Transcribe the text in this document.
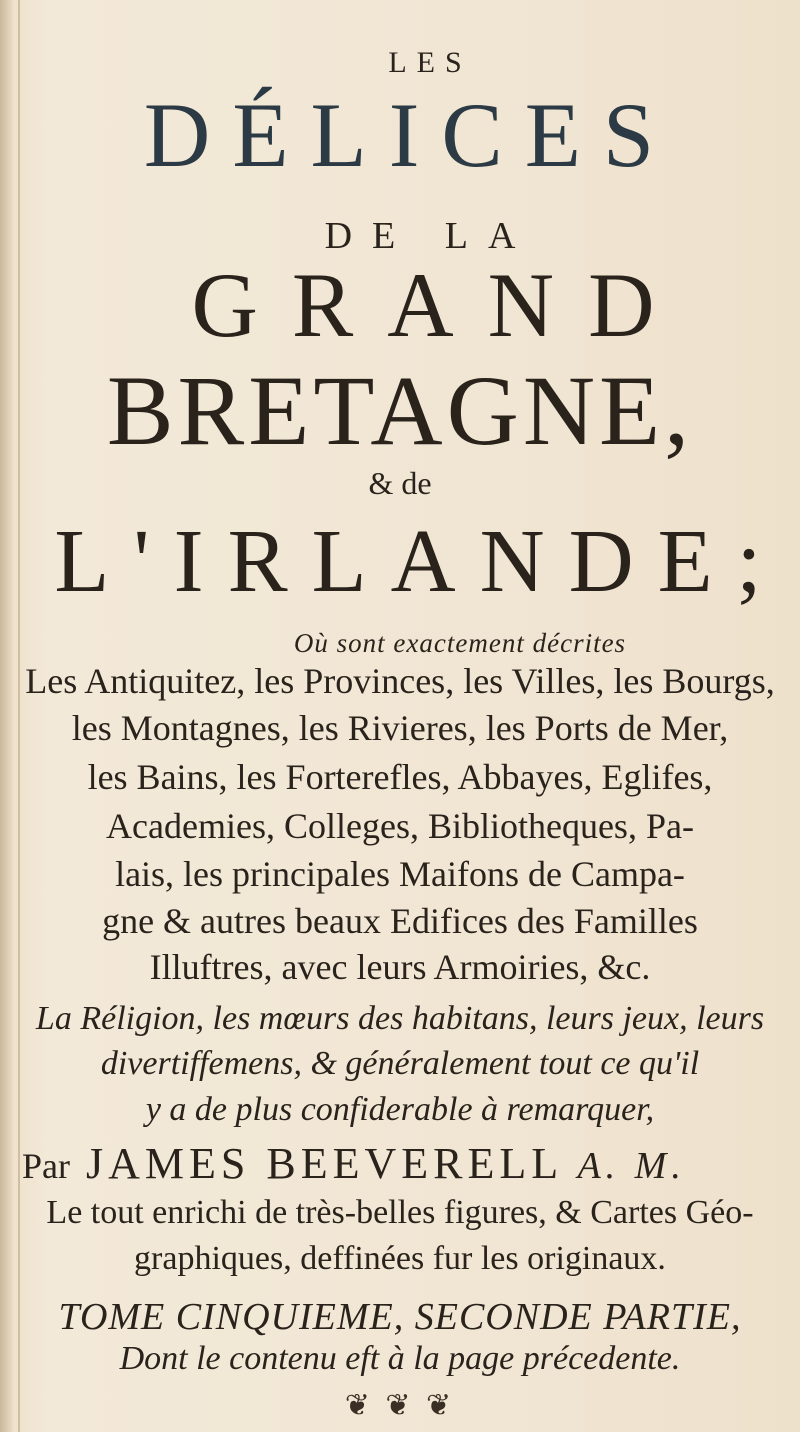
LES
DÉLICES
DE LA
GRAND
BRETAGNE,
& de
L'IRLANDE;
Où sont exactement décrites
Les Antiquitez, les Provinces, les Villes, les Bourgs,
les Montagnes, les Rivieres, les Ports de Mer,
les Bains, les Forterefles, Abbayes, Eglifes,
Academies, Colleges, Bibliotheques, Pa-
lais, les principales Maifons de Campa-
gne & autres beaux Edifices des Familles
Illuftres, avec leurs Armoiries, &c.
La Réligion, les mœurs des habitans, leurs jeux, leurs
divertiffemens, & généralement tout ce qu'il
y a de plus confiderable à remarquer,
Par JAMES BEEVERELL A. M.
Le tout enrichi de très-belles figures, & Cartes Géo-
graphiques, deffinées fur les originaux.
TOME CINQUIEME, SECONDE PARTIE,
Dont le contenu eft à la page précedente.
❦ ❦ ❦
